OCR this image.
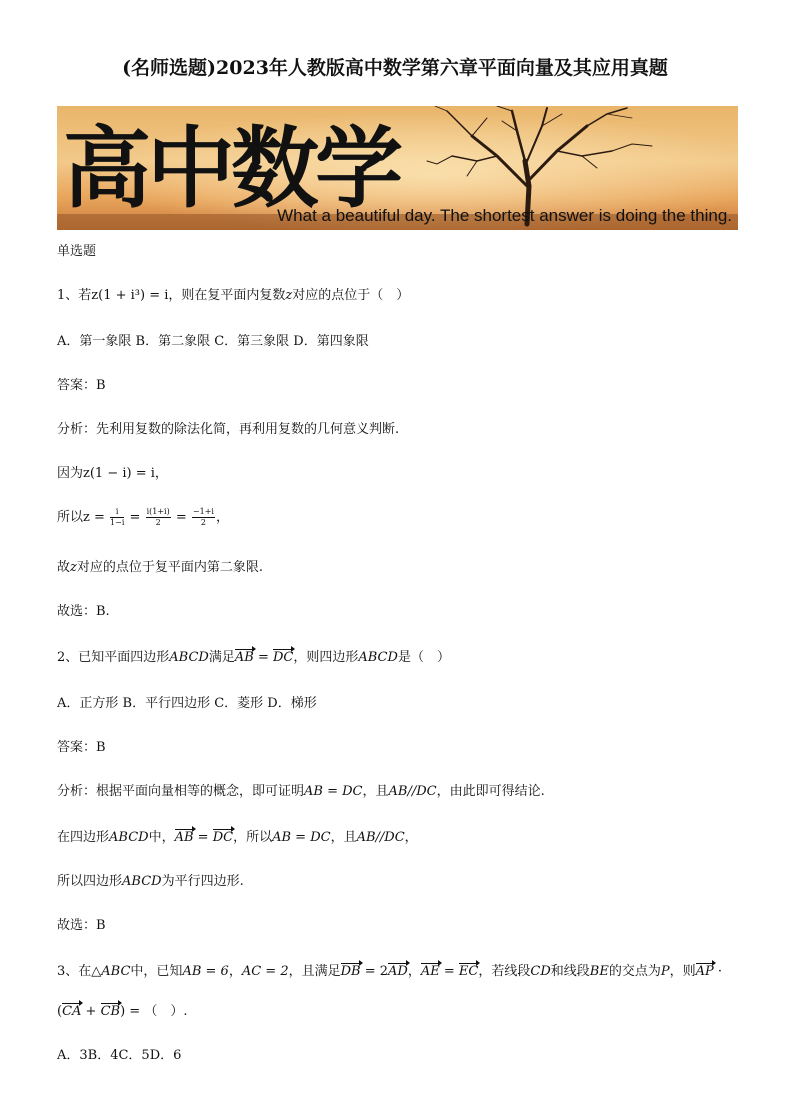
(名师选题)2023年人教版高中数学第六章平面向量及其应用真题
高中数学
What a beautiful day. The shortest answer is doing the thing.
单选题
1、若z(1 + i³) = i，则在复平面内复数z对应的点位于（　）
A．第一象限 B．第二象限 C．第三象限 D．第四象限
答案：B
分析：先利用复数的除法化简，再利用复数的几何意义判断.
因为z(1 − i) = i，
所以$z = \frac{i}{1-i} = \frac{i(1+i)}{2} = \frac{-1+i}{2}$ ，
故z对应的点位于复平面内第二象限.
故选：B.
2、已知平面四边形ABCD满足AB = DC，则四边形ABCD是（　）
A．正方形 B．平行四边形 C．菱形 D．梯形
答案：B
分析：根据平面向量相等的概念，即可证明AB = DC，且AB//DC，由此即可得结论.
在四边形ABCD中，AB = DC，所以AB = DC，且AB//DC，
所以四边形ABCD为平行四边形.
故选：B
3、在△ABC中，已知AB = 6，AC = 2，且满足DB = 2AD，AE = EC，若线段CD和线段BE的交点为P，则AP ·
(CA + CB) = （　）.
A．3B．4C．5D．6
